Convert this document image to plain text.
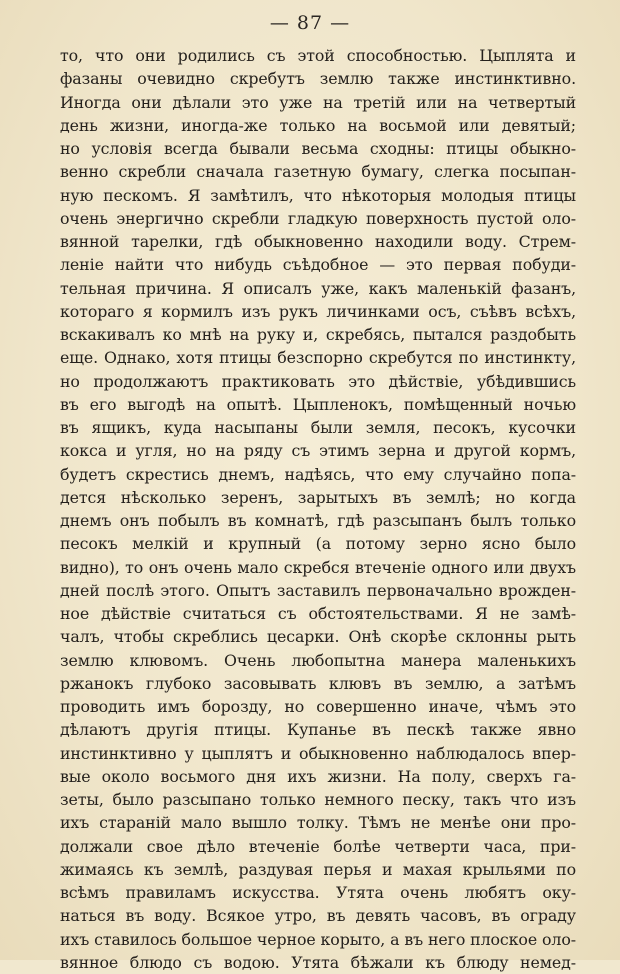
— 87 —
то, что они родились съ этой способностью. Цыплята и
фазаны очевидно скребутъ землю также инстинктивно.
Иногда они дѣлали это уже на третій или на четвертый
день жизни, иногда-же только на восьмой или девятый;
но условія всегда бывали весьма сходны: птицы обыкно-
венно скребли сначала газетную бумагу, слегка посыпан-
ную пескомъ. Я замѣтилъ, что нѣкоторыя молодыя птицы
очень энергично скребли гладкую поверхность пустой оло-
вянной тарелки, гдѣ обыкновенно находили воду. Стрем-
леніе найти что нибудь съѣдобное — это первая побуди-
тельная причина. Я описалъ уже, какъ маленькій фазанъ,
котораго я кормилъ изъ рукъ личинками осъ, съѣвъ всѣхъ,
вскакивалъ ко мнѣ на руку и, скребясь, пытался раздобыть
еще. Однако, хотя птицы безспорно скребутся по инстинкту,
но продолжаютъ практиковать это дѣйствіе, убѣдившись
въ его выгодѣ на опытѣ. Цыпленокъ, помѣщенный ночью
въ ящикъ, куда насыпаны были земля, песокъ, кусочки
кокса и угля, но на ряду съ этимъ зерна и другой кормъ,
будетъ скрестись днемъ, надѣясь, что ему случайно попа-
дется нѣсколько зеренъ, зарытыхъ въ землѣ; но когда
днемъ онъ побылъ въ комнатѣ, гдѣ разсыпанъ былъ только
песокъ мелкій и крупный (а потому зерно ясно было
видно), то онъ очень мало скребся втеченіе одного или двухъ
дней послѣ этого. Опытъ заставилъ первоначально врожден-
ное дѣйствіе считаться съ обстоятельствами. Я не замѣ-
чалъ, чтобы скреблись цесарки. Онѣ скорѣе склонны рыть
землю клювомъ. Очень любопытна манера маленькихъ
ржанокъ глубоко засовывать клювъ въ землю, а затѣмъ
проводить имъ борозду, но совершенно иначе, чѣмъ это
дѣлаютъ другія птицы. Купанье въ пескѣ также явно
инстинктивно у цыплятъ и обыкновенно наблюдалось впер-
вые около восьмого дня ихъ жизни. На полу, сверхъ га-
зеты, было разсыпано только немного песку, такъ что изъ
ихъ стараній мало вышло толку. Тѣмъ не менѣе они про-
должали свое дѣло втеченіе болѣе четверти часа, при-
жимаясь къ землѣ, раздувая перья и махая крыльями по
всѣмъ правиламъ искусства. Утята очень любятъ оку-
наться въ воду. Всякое утро, въ девять часовъ, въ ограду
ихъ ставилось большое черное корыто, а въ него плоское оло-
вянное блюдо съ водою. Утята бѣжали къ блюду немед-
